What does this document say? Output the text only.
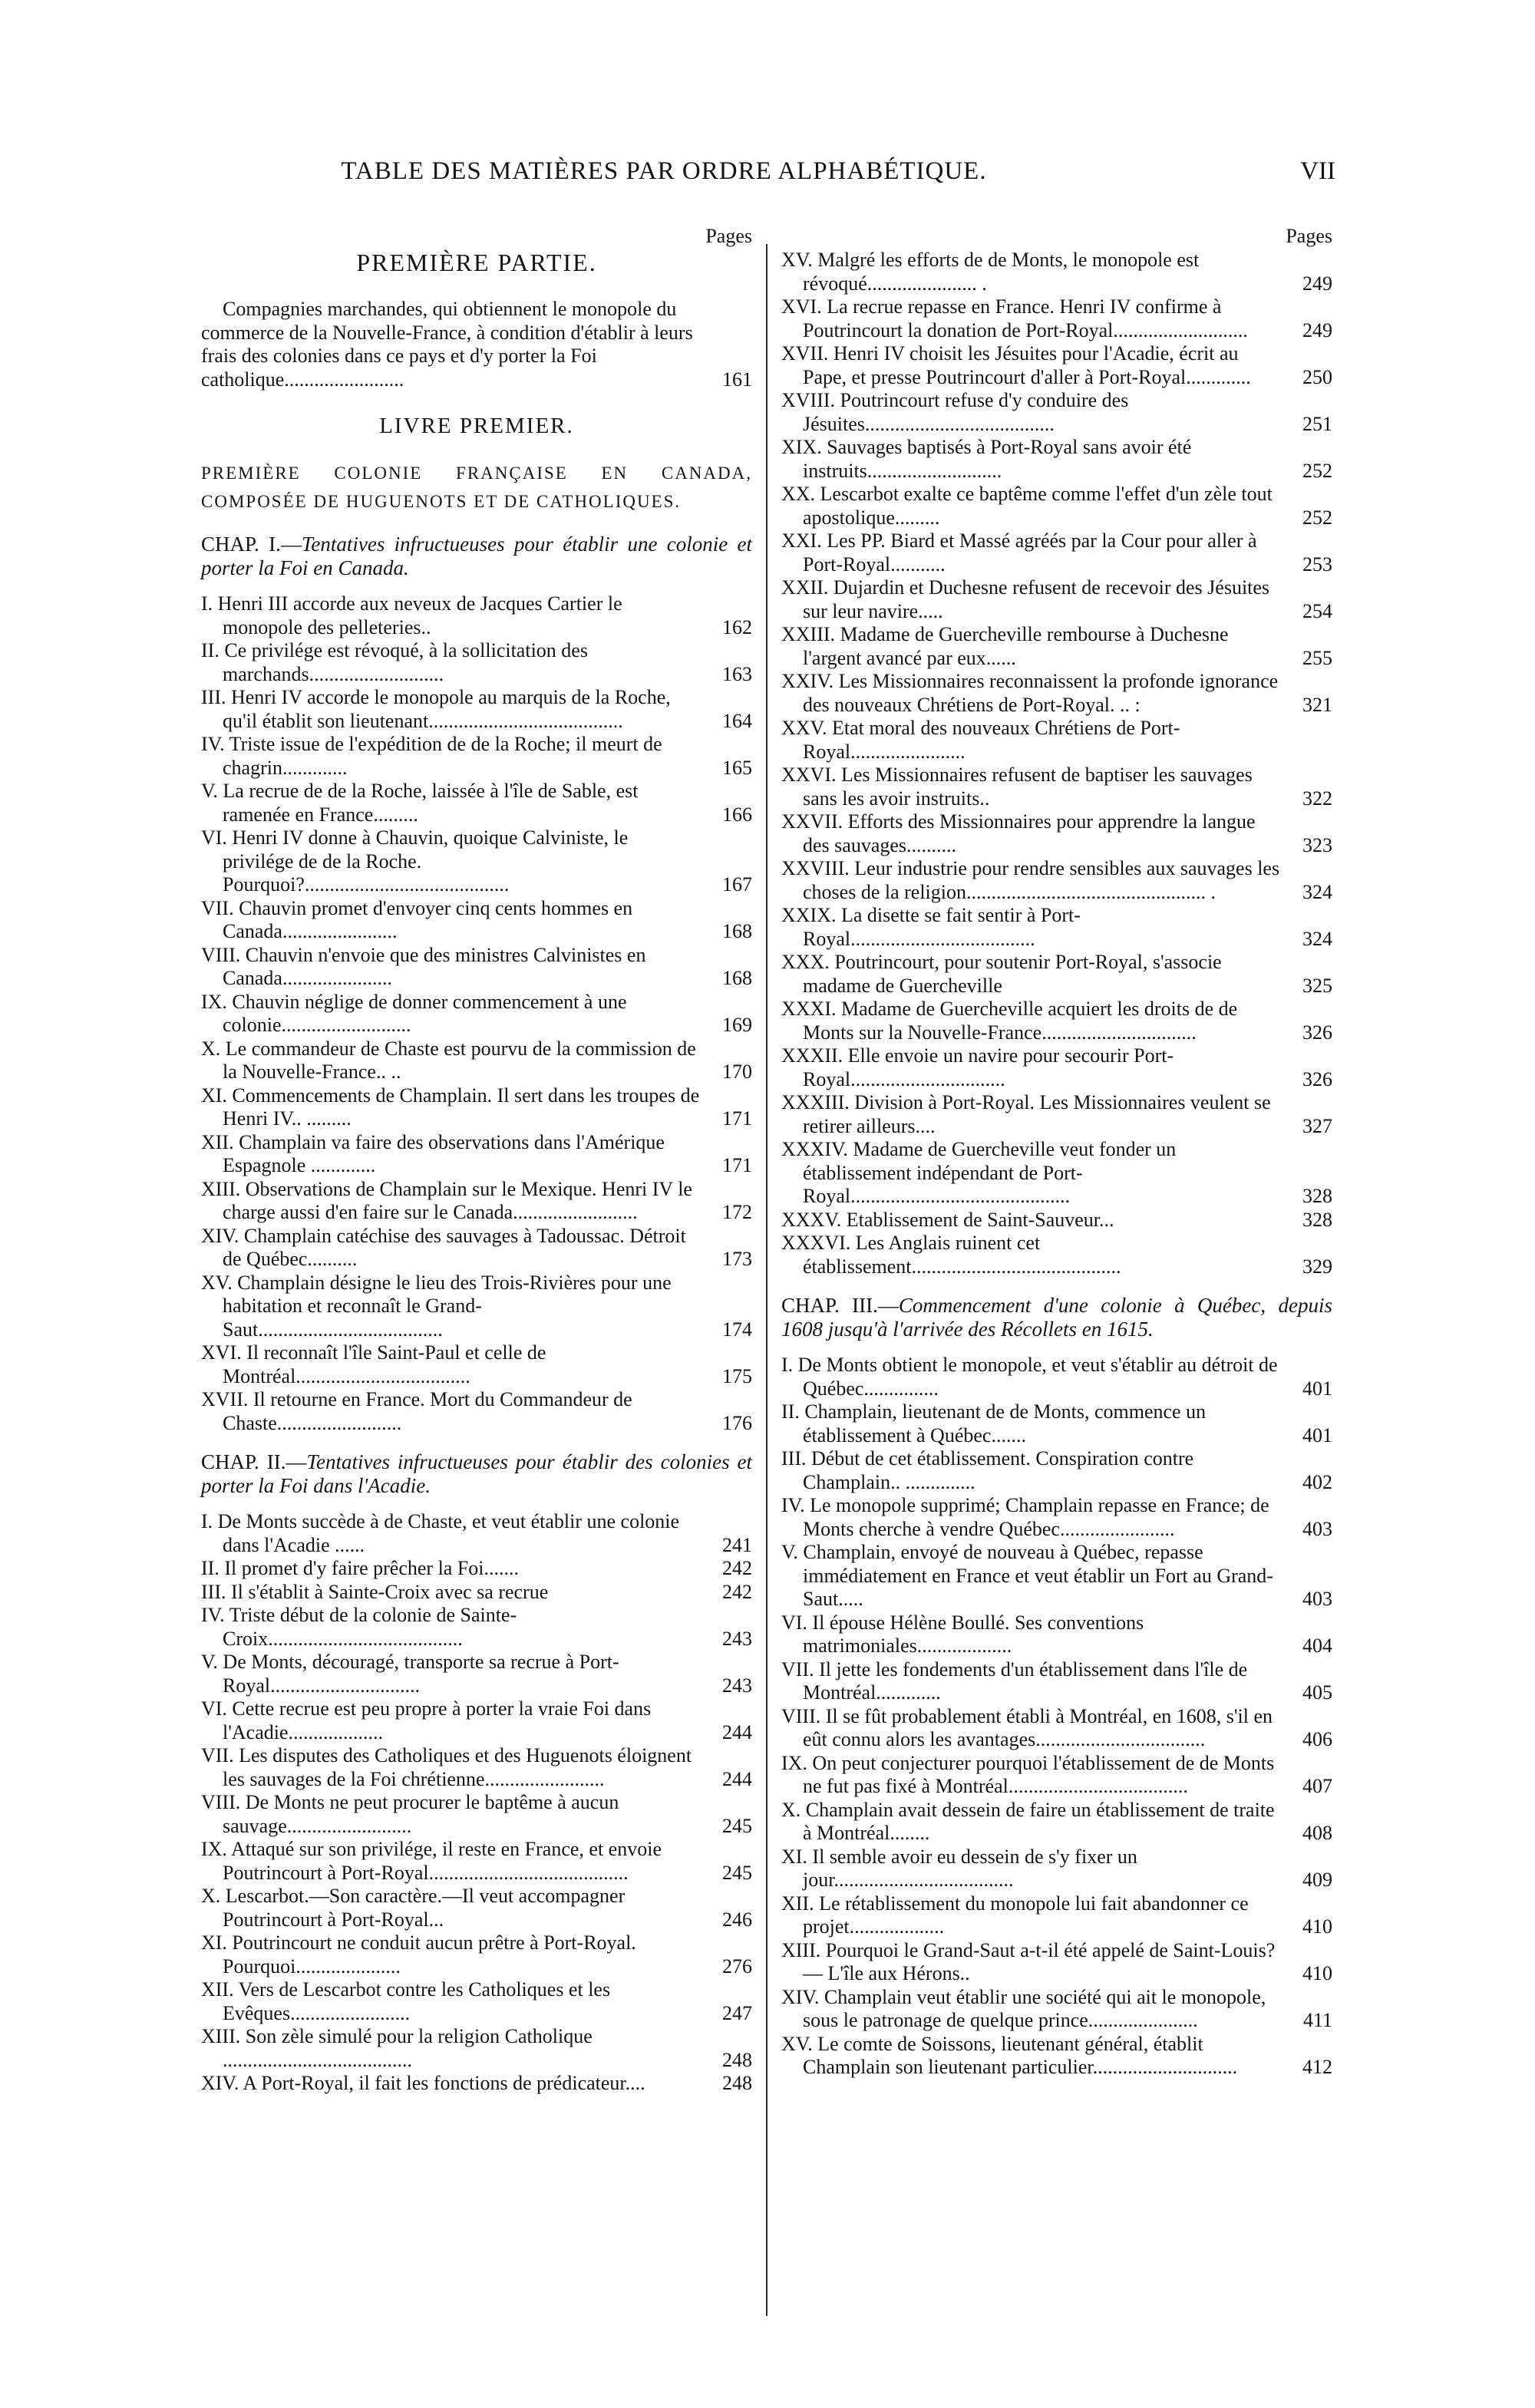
TABLE DES MATIÈRES PAR ORDRE ALPHABÉTIQUE.	VII
Pages
PREMIÈRE PARTIE.
Compagnies marchandes, qui obtiennent le monopole du commerce de la Nouvelle-France, à condition d'établir à leurs frais des colonies dans ce pays et d'y porter la Foi catholique........................	161
LIVRE PREMIER.
PREMIÈRE COLONIE FRANÇAISE EN CANADA, COMPOSÉE DE HUGUENOTS ET DE CATHOLIQUES.
CHAP. I.—Tentatives infructueuses pour établir une colonie et porter la Foi en Canada.
I. Henri III accorde aux neveux de Jacques Cartier le monopole des pelleteries..	162
II. Ce privilége est révoqué, à la sollicitation des marchands...........................	163
III. Henri IV accorde le monopole au marquis de la Roche, qu'il établit son lieutenant.......................................	164
IV. Triste issue de l'expédition de de la Roche; il meurt de chagrin.............	165
V. La recrue de de la Roche, laissée à l'île de Sable, est ramenée en France.........	166
VI. Henri IV donne à Chauvin, quoique Calviniste, le privilége de de la Roche. Pourquoi?.........................................	167
VII. Chauvin promet d'envoyer cinq cents hommes en Canada.......................	168
VIII. Chauvin n'envoie que des ministres Calvinistes en Canada......................	168
IX. Chauvin néglige de donner commencement à une colonie..........................	169
X. Le commandeur de Chaste est pourvu de la commission de la Nouvelle-France.. ..	170
XI. Commencements de Champlain. Il sert dans les troupes de Henri IV.. .........	171
XII. Champlain va faire des observations dans l'Amérique Espagnole .............	171
XIII. Observations de Champlain sur le Mexique. Henri IV le charge aussi d'en faire sur le Canada.........................	172
XIV. Champlain catéchise des sauvages à Tadoussac. Détroit de Québec..........	173
XV. Champlain désigne le lieu des Trois-Rivières pour une habitation et reconnaît le Grand-Saut.....................................	174
XVI. Il reconnaît l'île Saint-Paul et celle de Montréal...................................	175
XVII. Il retourne en France. Mort du Commandeur de Chaste.........................	176
CHAP. II.—Tentatives infructueuses pour établir des colonies et porter la Foi dans l'Acadie.
I. De Monts succède à de Chaste, et veut établir une colonie dans l'Acadie ......	241
II. Il promet d'y faire prêcher la Foi.......	242
III. Il s'établit à Sainte-Croix avec sa recrue	242
IV. Triste début de la colonie de Sainte-Croix.......................................	243
V. De Monts, découragé, transporte sa recrue à Port-Royal..............................	243
VI. Cette recrue est peu propre à porter la vraie Foi dans l'Acadie...................	244
VII. Les disputes des Catholiques et des Huguenots éloignent les sauvages de la Foi chrétienne........................	244
VIII. De Monts ne peut procurer le baptême à aucun sauvage.........................	245
IX. Attaqué sur son privilége, il reste en France, et envoie Poutrincourt à Port-Royal........................................	245
X. Lescarbot.—Son caractère.—Il veut accompagner Poutrincourt à Port-Royal...	246
XI. Poutrincourt ne conduit aucun prêtre à Port-Royal. Pourquoi.....................	276
XII. Vers de Lescarbot contre les Catholiques et les Evêques........................	247
XIII. Son zèle simulé pour la religion Catholique ......................................	248
XIV. A Port-Royal, il fait les fonctions de prédicateur....	248
Pages
XV. Malgré les efforts de de Monts, le monopole est révoqué...................... .	249
XVI. La recrue repasse en France. Henri IV confirme à Poutrincourt la donation de Port-Royal...........................	249
XVII. Henri IV choisit les Jésuites pour l'Acadie, écrit au Pape, et presse Poutrincourt d'aller à Port-Royal.............	250
XVIII. Poutrincourt refuse d'y conduire des Jésuites......................................	251
XIX. Sauvages baptisés à Port-Royal sans avoir été instruits...........................	252
XX. Lescarbot exalte ce baptême comme l'effet d'un zèle tout apostolique.........	252
XXI. Les PP. Biard et Massé agréés par la Cour pour aller à Port-Royal...........	253
XXII. Dujardin et Duchesne refusent de recevoir des Jésuites sur leur navire.....	254
XXIII. Madame de Guercheville rembourse à Duchesne l'argent avancé par eux......	255
XXIV. Les Missionnaires reconnaissent la profonde ignorance des nouveaux Chrétiens de Port-Royal. .. :	321
XXV. Etat moral des nouveaux Chrétiens de Port-Royal.......................
XXVI. Les Missionnaires refusent de baptiser les sauvages sans les avoir instruits..	322
XXVII. Efforts des Missionnaires pour apprendre la langue des sauvages..........	323
XXVIII. Leur industrie pour rendre sensibles aux sauvages les choses de la religion................................................ .	324
XXIX. La disette se fait sentir à Port-Royal.....................................	324
XXX. Poutrincourt, pour soutenir Port-Royal, s'associe madame de Guercheville	325
XXXI. Madame de Guercheville acquiert les droits de de Monts sur la Nouvelle-France...............................	326
XXXII. Elle envoie un navire pour secourir Port-Royal...............................	326
XXXIII. Division à Port-Royal. Les Missionnaires veulent se retirer ailleurs....	327
XXXIV. Madame de Guercheville veut fonder un établissement indépendant de Port-Royal............................................	328
XXXV. Etablissement de Saint-Sauveur...	328
XXXVI. Les Anglais ruinent cet établissement..........................................	329
CHAP. III.—Commencement d'une colonie à Québec, depuis 1608 jusqu'à l'arrivée des Récollets en 1615.
I. De Monts obtient le monopole, et veut s'établir au détroit de Québec...............	401
II. Champlain, lieutenant de de Monts, commence un établissement à Québec.......	401
III. Début de cet établissement. Conspiration contre Champlain.. ..............	402
IV. Le monopole supprimé; Champlain repasse en France; de Monts cherche à vendre Québec.......................	403
V. Champlain, envoyé de nouveau à Québec, repasse immédiatement en France et veut établir un Fort au Grand-Saut.....	403
VI. Il épouse Hélène Boullé. Ses conventions matrimoniales...................	404
VII. Il jette les fondements d'un établissement dans l'île de Montréal.............	405
VIII. Il se fût probablement établi à Montréal, en 1608, s'il en eût connu alors les avantages..................................	406
IX. On peut conjecturer pourquoi l'établissement de de Monts ne fut pas fixé à Montréal....................................	407
X. Champlain avait dessein de faire un établissement de traite à Montréal........	408
XI. Il semble avoir eu dessein de s'y fixer un jour....................................	409
XII. Le rétablissement du monopole lui fait abandonner ce projet...................	410
XIII. Pourquoi le Grand-Saut a-t-il été appelé de Saint-Louis?— L'île aux Hérons..	410
XIV. Champlain veut établir une société qui ait le monopole, sous le patronage de quelque prince......................	411
XV. Le comte de Soissons, lieutenant général, établit Champlain son lieutenant particulier.............................	412
